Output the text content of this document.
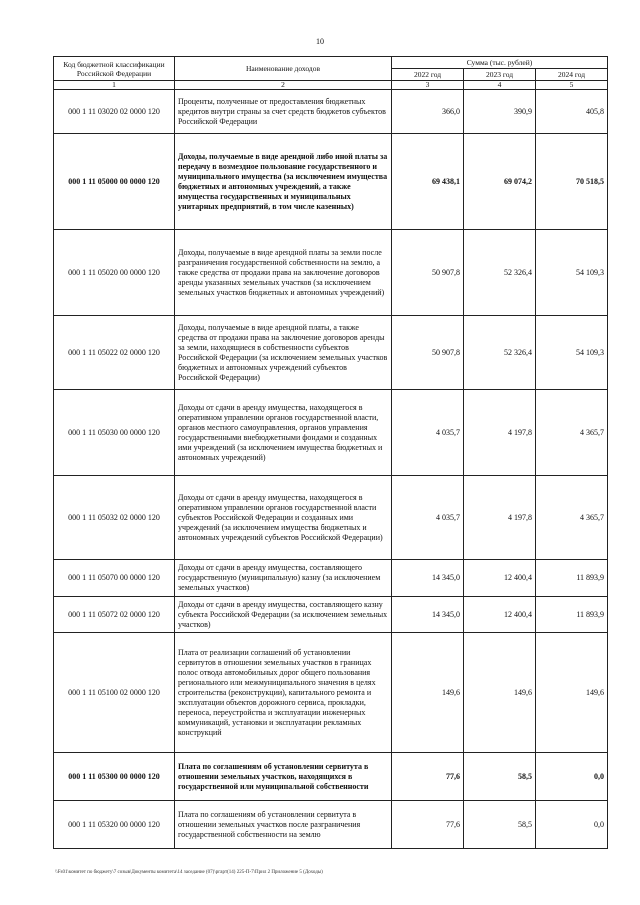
10
Код бюджетной классификации Российской Федерации	Наименование доходов	Сумма (тыс. рублей)		
		2022 год	2023 год	2024 год
1	2	3	4	5
000 1 11 03020 02 0000 120	Проценты, полученные от предоставления бюджетных кредитов внутри страны за счет средств бюджетов субъектов Российской Федерации	366,0	390,9	405,8
000 1 11 05000 00 0000 120	Доходы, получаемые в виде арендной либо иной платы за передачу в возмездное пользование государственного и муниципального имущества (за исключением имущества бюджетных и автономных учреждений, а также имущества государственных и муниципальных унитарных предприятий, в том числе казенных)	69 438,1	69 074,2	70 518,5
000 1 11 05020 00 0000 120	Доходы, получаемые в виде арендной платы за земли после разграничения государственной собственности на землю, а также средства от продажи права на заключение договоров аренды указанных земельных участков (за исключением земельных участков бюджетных и автономных учреждений)	50 907,8	52 326,4	54 109,3
000 1 11 05022 02 0000 120	Доходы, получаемые в виде арендной платы, а также средства от продажи права на заключение договоров аренды за земли, находящиеся в собственности субъектов Российской Федерации (за исключением земельных участков бюджетных и автономных учреждений субъектов Российской Федерации)	50 907,8	52 326,4	54 109,3
000 1 11 05030 00 0000 120	Доходы от сдачи в аренду имущества, находящегося в оперативном управлении органов государственной власти, органов местного самоуправления, органов управления государственными внебюджетными фондами и созданных ими учреждений (за исключением имущества бюджетных и автономных учреждений)	4 035,7	4 197,8	4 365,7
000 1 11 05032 02 0000 120	Доходы от сдачи в аренду имущества, находящегося в оперативном управлении органов государственной власти субъектов Российской Федерации и созданных ими учреждений (за исключением имущества бюджетных и автономных учреждений субъектов Российской Федерации)	4 035,7	4 197,8	4 365,7
000 1 11 05070 00 0000 120	Доходы от сдачи в аренду имущества, составляющего государственную (муниципальную) казну (за исключением земельных участков)	14 345,0	12 400,4	11 893,9
000 1 11 05072 02 0000 120	Доходы от сдачи в аренду имущества, составляющего казну субъекта Российской Федерации (за исключением земельных участков)	14 345,0	12 400,4	11 893,9
000 1 11 05100 02 0000 120	Плата от реализации соглашений об установлении сервитутов в отношении земельных участков в границах полос отвода автомобильных дорог общего пользования регионального или межмуниципального значения в целях строительства (реконструкции), капитального ремонта и эксплуатации объектов дорожного сервиса, прокладки, переноса, переустройства и эксплуатации инженерных коммуникаций, установки и эксплуатации рекламных конструкций	149,6	149,6	149,6
000 1 11 05300 00 0000 120	Плата по соглашениям об установлении сервитута в отношении земельных участков, находящихся в государственной или муниципальной собственности	77,6	58,5	0,0
000 1 11 05320 00 0000 120	Плата по соглашениям об установлении сервитута в отношении земельных участков после разграничения государственной собственности на землю	77,6	58,5	0,0
\\Fs01\комитет по бюджету\7 созыв\Документы комитета\14 заседание (07)\ргарт(14) 225-П-7\Прил 2 Приложение 5 (Доходы)
